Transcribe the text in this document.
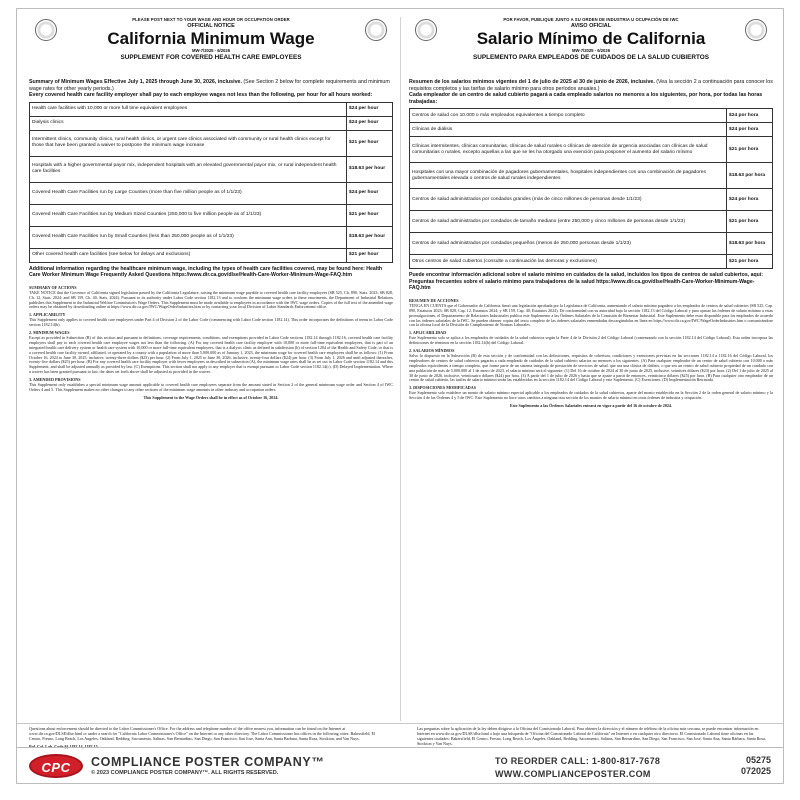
PLEASE POST NEXT TO YOUR WAGE AND HOUR OR OCCUPATION ORDER
OFFICIAL NOTICE
California Minimum Wage
MW-7/2025 - 6/2026
SUPPLEMENT FOR COVERED HEALTH CARE EMPLOYEES
Summary of Minimum Wages Effective July 1, 2025 through June 30, 2026, inclusive. (See Section 2 below for complete requirements and minimum wage rates for other yearly periods.)
Every covered health care facility employer shall pay to each employee wages not less than the following, per hour for all hours worked:
Health care facilities with 10,000 or more full time equivalent employees	$24 per hour
Dialysis clinics	$24 per hour
Intermittent clinics, community clinics, rural health clinics, or urgent care clinics associated with community or rural health clinics except for those that have been granted a waiver to postpone the minimum wage increase	$21 per hour
Hospitals with a higher governmental payor mix, independent hospitals with an elevated governmental payor mix, or rural independent health care facilities	$18.63 per hour
Covered Health Care Facilities run by Large Counties (more than five million people as of 1/1/23)	$24 per hour
Covered Health Care Facilities run by Medium Sized Counties (250,000 to five million people as of 1/1/23)	$21 per hour
Covered Health Care Facilities run by Small Counties (less than 250,000 people as of 1/1/23)	$18.63 per hour
Other covered health care facilities (see below for delays and exclusions)	$21 per hour
Additional information regarding the healthcare minimum wage, including the types of health care facilities covered, may be found here: Health Care Worker Minimum Wage Frequently Asked Questions https://www.dir.ca.gov/dlse/Health-Care-Worker-Minimum-Wage-FAQ.htm
SUMMARY OF ACTIONS
TAKE NOTICE that the Governor of California signed legislation passed by the California Legislature, raising the minimum wage payable to covered health care facility employees (SB 525, Ch. 890, Stats. 2023; SB 828, Ch. 12, Stats. 2024; and SB 159, Ch. 40, Stats. 2024). Pursuant to its authority under Labor Code section 1182.13 and to conform the minimum wage orders to these enactments, the Department of Industrial Relations publishes this Supplement to the Industrial Welfare Commission's Wage Orders. This Supplement must be made available to employees in accordance with the IWC wage orders. Copies of the full text of the amended wage orders may be obtained by downloading online at https://www.dir.ca.gov/IWC/WageOrderIndustries.htm or by contacting your local Division of Labor Standards Enforcement office.
1. APPLICABILITY
This Supplement only applies to covered health care employees under Part 4 of Division 2 of the Labor Code (commencing with Labor Code section 1182.14). This order incorporates the definitions of terms in Labor Code section 1182.14(b).
2. MINIMUM WAGES
Except as provided in Subsection (B) of this section and pursuant to definitions, coverage requirements, conditions, and exemptions provided in Labor Code sections 1182.14 through 1182.16, covered health care facility employers shall pay to each covered health care employee wages not less than the following. (A) For any covered health care facility employer with 10,000 or more full-time equivalent employees, that is part of an integrated health care delivery system or health care system with 10,000 or more full-time equivalent employees, that is a dialysis clinic as defined in subdivision (b) of section 1204 of the Health and Safety Code, or that is a covered health care facility owned, affiliated, or operated by a county with a population of more than 5,000,000 as of January 1, 2023, the minimum wage for covered health care employees shall be as follows: (1) From October 16, 2024 to June 30, 2025, inclusive, twenty-three dollars ($23) per hour. (2) From July 1, 2025 to June 30, 2026, inclusive, twenty-four dollars ($24) per hour. (3) From July 1, 2026 and until adjusted thereafter, twenty-five dollars ($25) per hour. (B) For any covered health care facility employer with fewer employees as described in subsection (A), the minimum wage rates shall be as set out in Labor Code section 1182.14 and this Supplement, and shall be adjusted annually as provided by law. (C) Exemptions. This section shall not apply to any employer that is exempt pursuant to Labor Code section 1182.14(c). (D) Delayed Implementation. Where a waiver has been granted pursuant to law, the dates set forth above shall be adjusted as provided in the waiver.
3. AMENDED PROVISIONS
This Supplement only establishes a special minimum wage amount applicable to covered health care employees separate from the amount stated in Section 2 of the general minimum wage order and Section 4 of IWC Orders 4 and 5. This Supplement makes no other changes to any other sections of the minimum wage amounts in other industry and occupation orders.
This Supplement to the Wage Orders shall be in effect as of October 16, 2024.
POR FAVOR, PUBLIQUE JUNTO A SU ORDEN DE INDUSTRIA U OCUPACIÓN DE IWC
AVISO OFICIAL
Salario Mínimo de California
MW-7/2025 - 6/2026
SUPLEMENTO PARA EMPLEADOS DE CUIDADOS DE LA SALUD CUBIERTOS
Resumen de los salarios mínimos vigentes del 1 de julio de 2025 al 30 de junio de 2026, inclusive. (Vea la sección 2 a continuación para conocer los requisitos completos y las tarifas de salario mínimo para otros períodos anuales.)
Cada empleador de un centro de salud cubierto pagará a cada empleado salarios no menores a los siguientes, por hora, por todas las horas trabajadas:
Centros de salud con 10.000 o más empleados equivalentes a tiempo completo	$24 por hora
Clínicas de diálisis	$24 por hora
Clínicas intermitentes, clínicas comunitarias, clínicas de salud rurales o clínicas de atención de urgencia asociadas con clínicas de salud comunitarias o rurales, excepto aquellas a las que se les ha otorgado una exención para posponer el aumento del salario mínimo	$21 por hora
Hospitales con una mayor combinación de pagadores gubernamentales, hospitales independientes con una combinación de pagadores gubernamentales elevada o centros de salud rurales independientes	$18.63 por hora
Centros de salud administrados por condados grandes (más de cinco millones de personas desde 1/1/23)	$24 por hora
Centros de salud administrados por condados de tamaño mediano (entre 250,000 y cinco millones de personas desde 1/1/23)	$21 por hora
Centros de salud administrados por condados pequeños (menos de 250,000 personas desde 1/1/23)	$18.63 por hora
Otros centros de salud cubiertos (consulte a continuación las demoras y exclusiones)	$21 por hora
Puede encontrar información adicional sobre el salario mínimo en cuidados de la salud, incluidos los tipos de centros de salud cubiertos, aquí: Preguntas frecuentes sobre el salario mínimo para trabajadores de la salud https://www.dir.ca.gov/dlse/Health-Care-Worker-Minimum-Wage-FAQ.htm
RESUMEN DE ACCIONES
TENGA EN CUENTA que el Gobernador de California firmó una legislación aprobada por la Legislatura de California, aumentando el salario mínimo pagadero a los empleados de centros de salud cubiertos (SB 525, Cap. 890, Estatutos 2023; SB 828, Cap. 12, Estatutos 2024; y SB 159, Cap. 40, Estatutos 2024). De conformidad con su autoridad bajo la sección 1182.13 del Código Laboral y para ajustar las órdenes de salario mínimo a estas promulgaciones, el Departamento de Relaciones Industriales publica este Suplemento a las Órdenes Salariales de la Comisión de Bienestar Industrial. Este Suplemento debe estar disponible para los empleados de acuerdo con las órdenes salariales de la IWC. Se pueden obtener copias del texto completo de las órdenes salariales enmendadas descargándolas en línea en https://www.dir.ca.gov/IWC/WageOrderIndustries.htm o comunicándose con la oficina local de la División de Cumplimiento de Normas Laborales.
1. APLICABILIDAD
Este Suplemento solo se aplica a los empleados de cuidados de la salud cubiertos según la Parte 4 de la División 2 del Código Laboral (comenzando con la sección 1182.14 del Código Laboral). Esta orden incorpora las definiciones de términos en la sección 1182.14(b) del Código Laboral.
2. SALARIOS MÍNIMOS
Salvo lo dispuesto en la Subsección (B) de esta sección y de conformidad con las definiciones, requisitos de cobertura, condiciones y exenciones previstas en las secciones 1182.14 a 1182.16 del Código Laboral, los empleadores de centros de salud cubiertos pagarán a cada empleado de cuidados de la salud cubierto salarios no menores a los siguientes. (A) Para cualquier empleador de un centro de salud cubierto con 10.000 o más empleados equivalentes a tiempo completo, que forme parte de un sistema integrado de prestación de servicios de salud, que sea una clínica de diálisis, o que sea un centro de salud cubierto propiedad de un condado con una población de más de 5.000.000 al 1 de enero de 2023, el salario mínimo será el siguiente: (1) Del 16 de octubre de 2024 al 30 de junio de 2025, inclusive, veintitrés dólares ($23) por hora. (2) Del 1 de julio de 2025 al 30 de junio de 2026, inclusive, veinticuatro dólares ($24) por hora. (3) A partir del 1 de julio de 2026 y hasta que se ajuste a partir de entonces, veinticinco dólares ($25) por hora. (B) Para cualquier otro empleador de un centro de salud cubierto, las tarifas de salario mínimo serán las establecidas en la sección 1182.14 del Código Laboral y este Suplemento. (C) Exenciones. (D) Implementación Retrasada.
3. DISPOSICIONES MODIFICADAS
Este Suplemento solo establece un monto de salario mínimo especial aplicable a los empleados de cuidados de la salud cubiertos, aparte del monto establecido en la Sección 2 de la orden general de salario mínimo y la Sección 4 de las Órdenes 4 y 5 de IWC. Este Suplemento no hace otros cambios a ninguna otra sección de los montos de salario mínimo en otras órdenes de industria y ocupación.
Este Suplemento a las Órdenes Salariales entrará en vigor a partir del 16 de octubre de 2024.
Questions about enforcement should be directed to the Labor Commissioner's Office. For the address and telephone number of the office nearest you, information can be found on the Internet at www.dir.ca.gov/DLSE/dlse.html or under a search for "California Labor Commissioner's Office" on the Internet or any other directory. The Labor Commissioner has offices in the following cities: Bakersfield, El Centro, Fresno, Long Beach, Los Angeles, Oakland, Redding, Sacramento, Salinas, San Bernardino, San Diego, San Francisco, San Jose, Santa Ana, Santa Barbara, Santa Rosa, Stockton, and Van Nuys.
Rel. Cal. Lab. Code §§ 1182.14, 1182.15
Las preguntas sobre la aplicación de la ley deben dirigirse a la Oficina del Comisionado Laboral. Para obtener la dirección y el número de teléfono de la oficina más cercana, se puede encontrar información en Internet en www.dir.ca.gov/DLSE/dlse.html o bajo una búsqueda de "Oficina del Comisionado Laboral de California" en Internet o en cualquier otro directorio. El Comisionado Laboral tiene oficinas en las siguientes ciudades: Bakersfield, El Centro, Fresno, Long Beach, Los Ángeles, Oakland, Redding, Sacramento, Salinas, San Bernardino, San Diego, San Francisco, San José, Santa Ana, Santa Bárbara, Santa Rosa, Stockton y Van Nuys.
CPC	COMPLIANCE POSTER COMPANY™
© 2023 COMPLIANCE POSTER COMPANY™. ALL RIGHTS RESERVED.
TO REORDER CALL: 1-800-817-7678
WWW.COMPLIANCEPOSTER.COM
05275
072025
